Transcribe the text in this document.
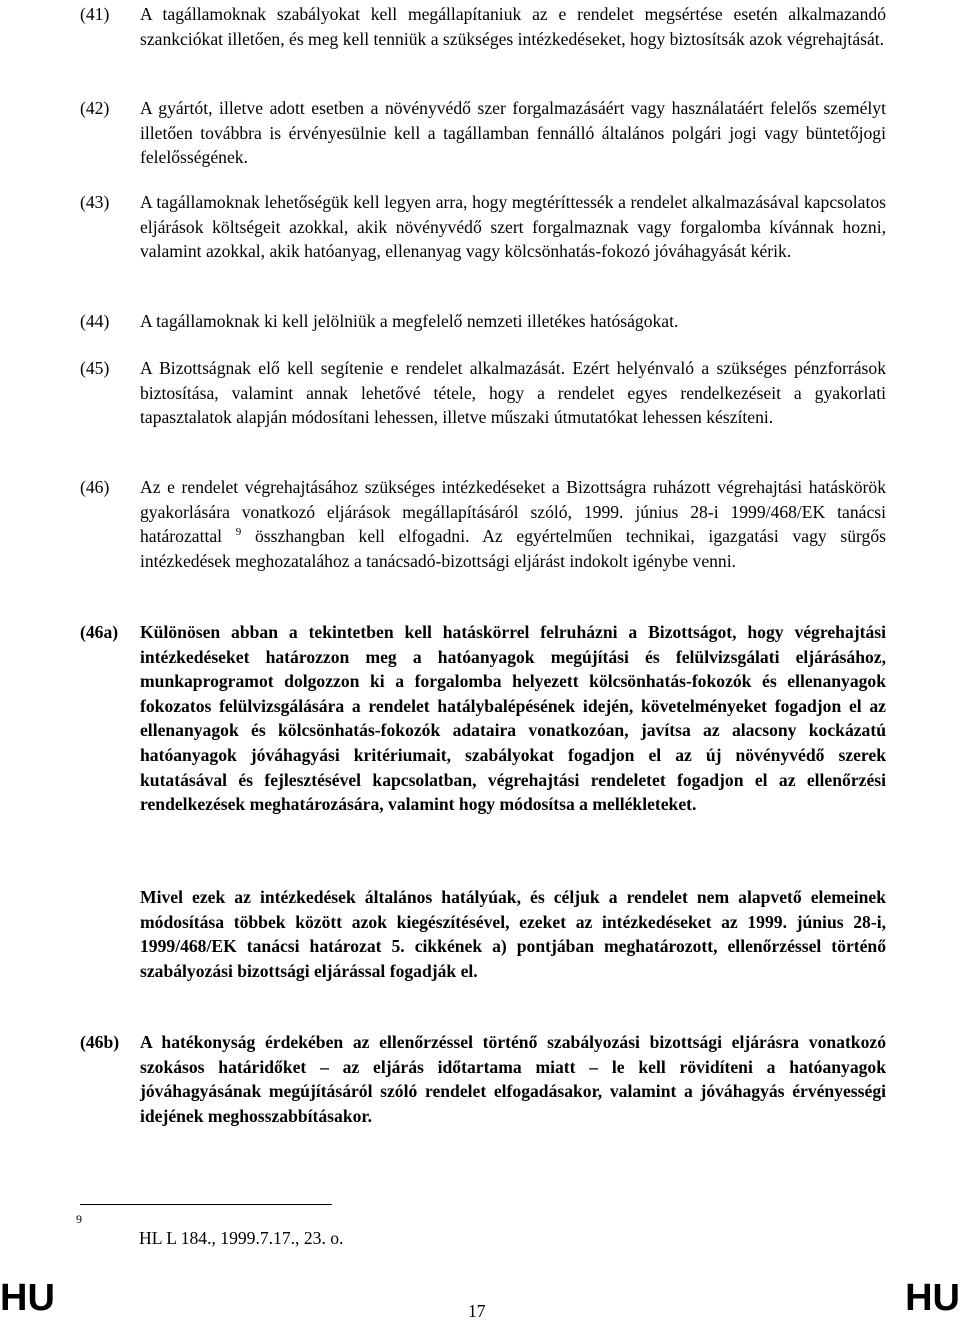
(41)	A tagállamoknak szabályokat kell megállapítaniuk az e rendelet megsértése esetén alkalmazandó szankciókat illetően, és meg kell tenniük a szükséges intézkedéseket, hogy biztosítsák azok végrehajtását.
(42)	A gyártót, illetve adott esetben a növényvédő szer forgalmazásáért vagy használatáért felelős személyt illetően továbbra is érvényesülnie kell a tagállamban fennálló általános polgári jogi vagy büntetőjogi felelősségének.
(43)	A tagállamoknak lehetőségük kell legyen arra, hogy megtéríttessék a rendelet alkalmazásával kapcsolatos eljárások költségeit azokkal, akik növényvédő szert forgalmaznak vagy forgalomba kívánnak hozni, valamint azokkal, akik hatóanyag, ellenanyag vagy kölcsönhatás-fokozó jóváhagyását kérik.
(44)	A tagállamoknak ki kell jelölniük a megfelelő nemzeti illetékes hatóságokat.
(45)	A Bizottságnak elő kell segítenie e rendelet alkalmazását. Ezért helyénvaló a szükséges pénzforrások biztosítása, valamint annak lehetővé tétele, hogy a rendelet egyes rendelkezéseit a gyakorlati tapasztalatok alapján módosítani lehessen, illetve műszaki útmutatókat lehessen készíteni.
(46)	Az e rendelet végrehajtásához szükséges intézkedéseket a Bizottságra ruházott végrehajtási hatáskörök gyakorlására vonatkozó eljárások megállapításáról szóló, 1999. június 28-i 1999/468/EK tanácsi határozattal $^9$ összhangban kell elfogadni. Az egyértelműen technikai, igazgatási vagy sürgős intézkedések meghozatalához a tanácsadó-bizottsági eljárást indokolt igénybe venni.
(46a)	Különösen abban a tekintetben kell hatáskörrel felruházni a Bizottságot, hogy végrehajtási intézkedéseket határozzon meg a hatóanyagok megújítási és felülvizsgálati eljárásához, munkaprogramot dolgozzon ki a forgalomba helyezett kölcsönhatás-fokozók és ellenanyagok fokozatos felülvizsgálására a rendelet hatálybalépésének idején, követelményeket fogadjon el az ellenanyagok és kölcsönhatás-fokozók adataira vonatkozóan, javítsa az alacsony kockázatú hatóanyagok jóváhagyási kritériumait, szabályokat fogadjon el az új növényvédő szerek kutatásával és fejlesztésével kapcsolatban, végrehajtási rendeletet fogadjon el az ellenőrzési rendelkezések meghatározására, valamint hogy módosítsa a mellékleteket.
Mivel ezek az intézkedések általános hatályúak, és céljuk a rendelet nem alapvető elemeinek módosítása többek között azok kiegészítésével, ezeket az intézkedéseket az 1999. június 28-i, 1999/468/EK tanácsi határozat 5. cikkének a) pontjában meghatározott, ellenőrzéssel történő szabályozási bizottsági eljárással fogadják el.
(46b)	A hatékonyság érdekében az ellenőrzéssel történő szabályozási bizottsági eljárásra vonatkozó szokásos határidőket – az eljárás időtartama miatt – le kell rövidíteni a hatóanyagok jóváhagyásának megújításáról szóló rendelet elfogadásakor, valamint a jóváhagyás érvényességi idejének meghosszabbításakor.
9
HL L 184., 1999.7.17., 23. o.
HU	17	HU
